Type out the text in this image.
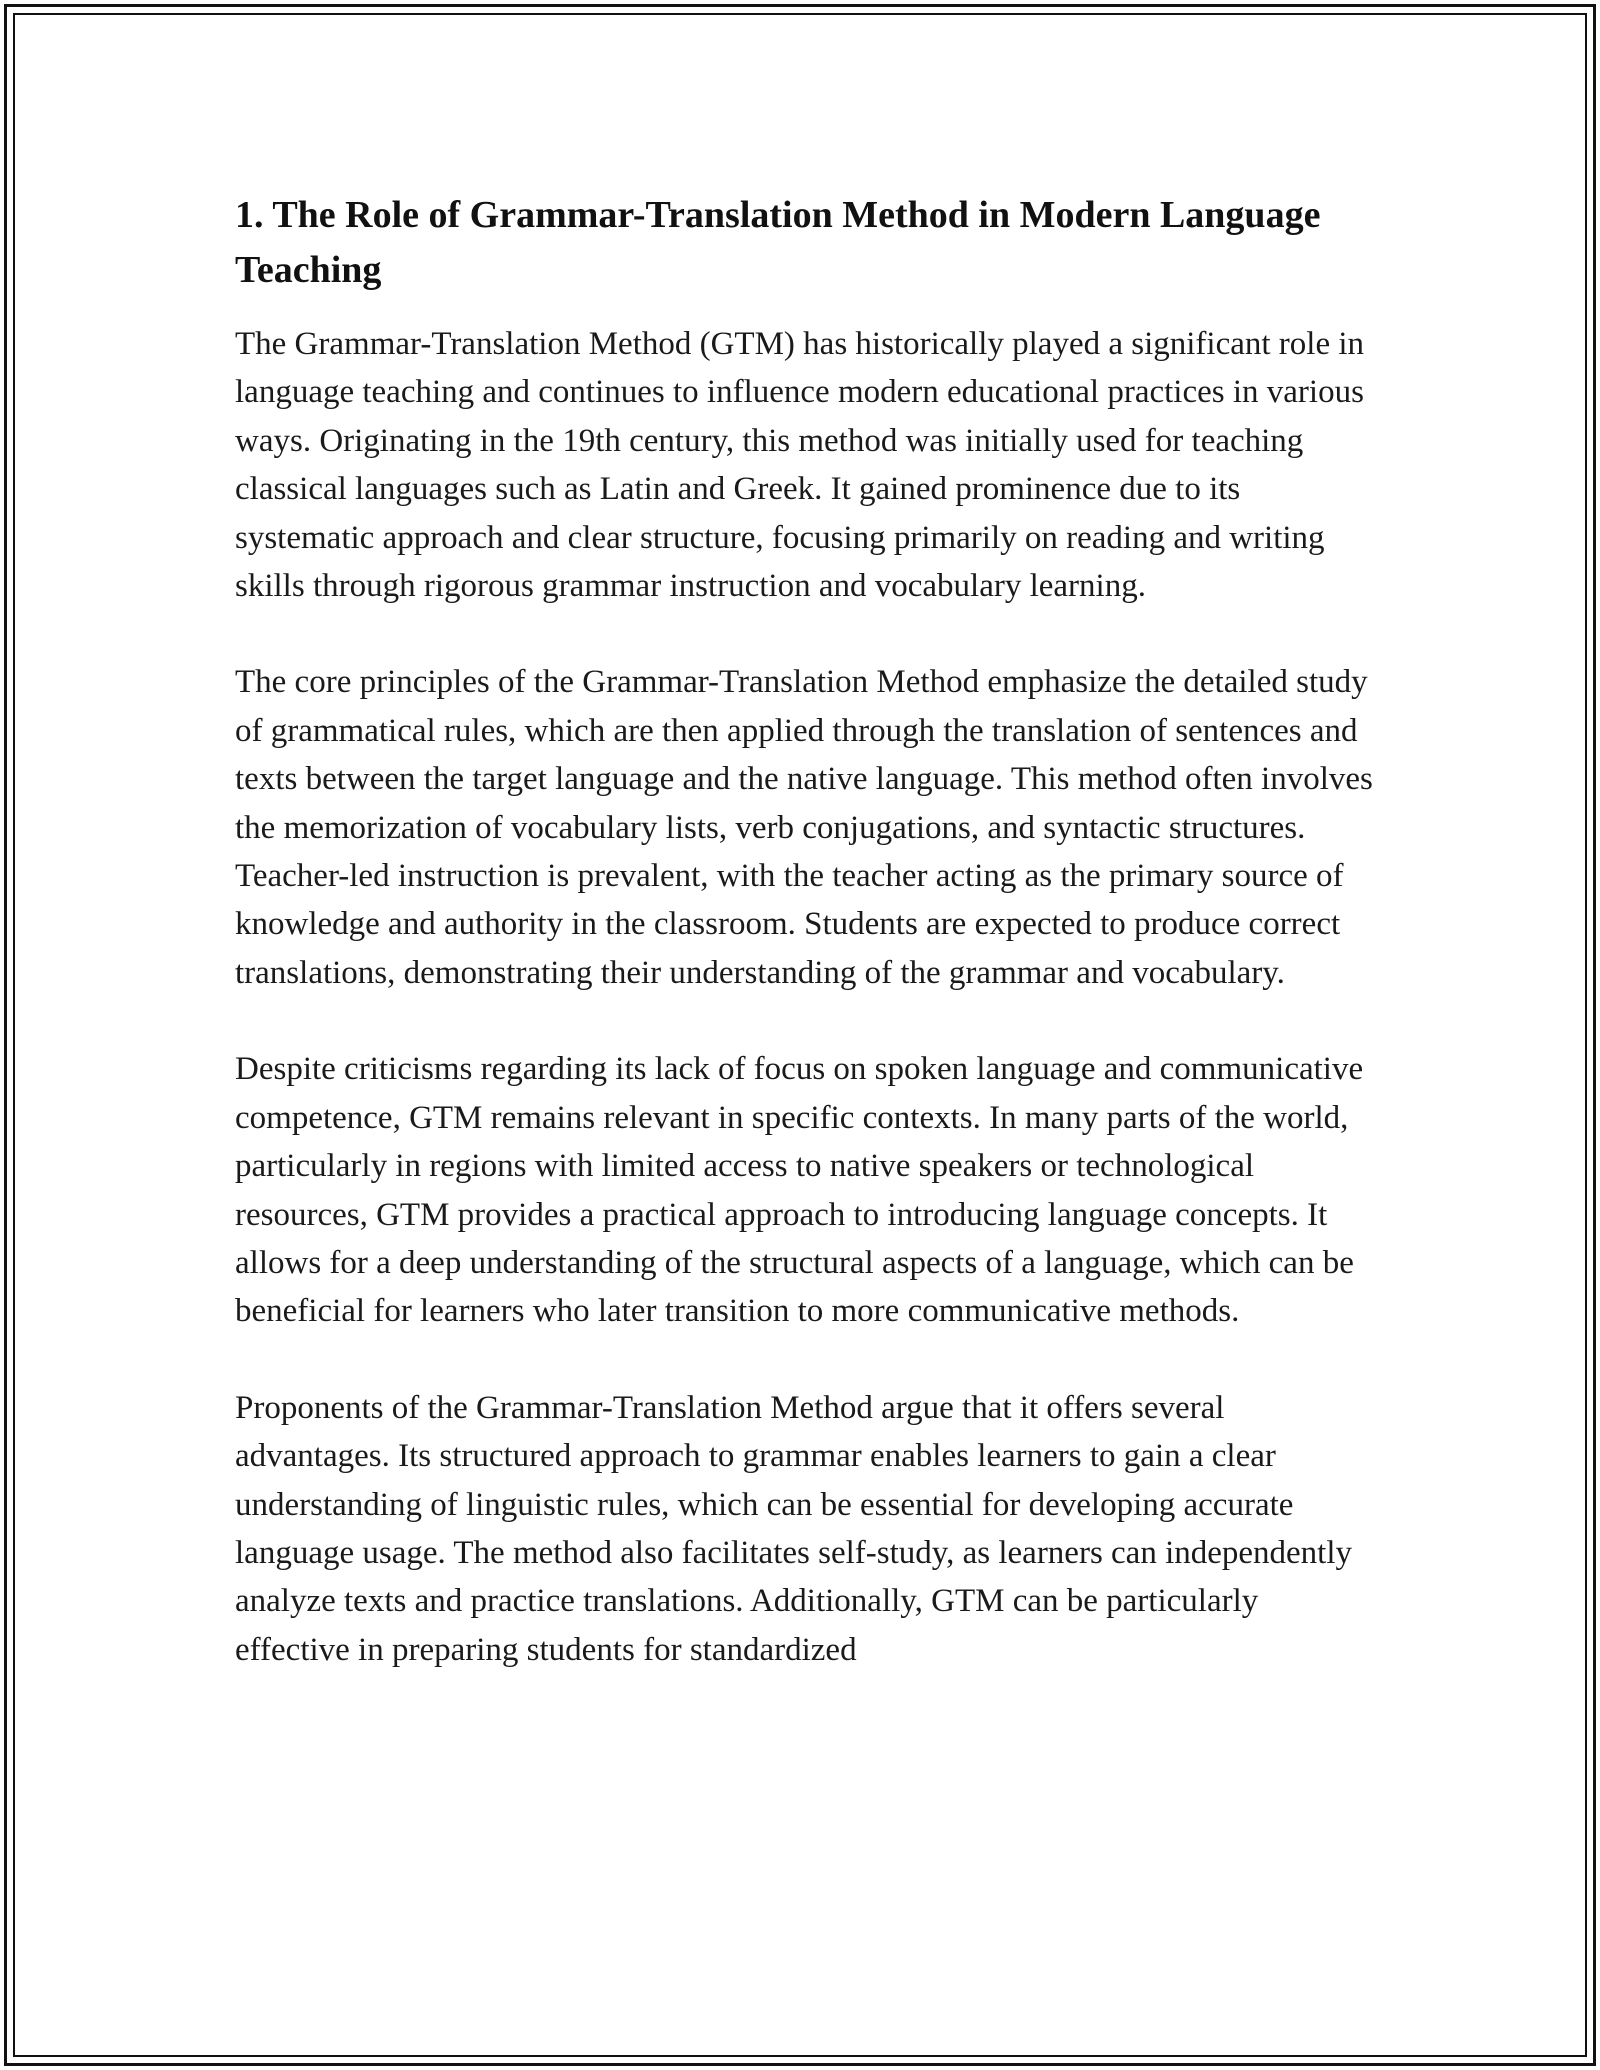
1. The Role of Grammar-Translation Method in Modern Language Teaching

The Grammar-Translation Method (GTM) has historically played a significant role in language teaching and continues to influence modern educational practices in various ways. Originating in the 19th century, this method was initially used for teaching classical languages such as Latin and Greek. It gained prominence due to its systematic approach and clear structure, focusing primarily on reading and writing skills through rigorous grammar instruction and vocabulary learning.

The core principles of the Grammar-Translation Method emphasize the detailed study of grammatical rules, which are then applied through the translation of sentences and texts between the target language and the native language. This method often involves the memorization of vocabulary lists, verb conjugations, and syntactic structures. Teacher-led instruction is prevalent, with the teacher acting as the primary source of knowledge and authority in the classroom. Students are expected to produce correct translations, demonstrating their understanding of the grammar and vocabulary.

Despite criticisms regarding its lack of focus on spoken language and communicative competence, GTM remains relevant in specific contexts. In many parts of the world, particularly in regions with limited access to native speakers or technological resources, GTM provides a practical approach to introducing language concepts. It allows for a deep understanding of the structural aspects of a language, which can be beneficial for learners who later transition to more communicative methods.

Proponents of the Grammar-Translation Method argue that it offers several advantages. Its structured approach to grammar enables learners to gain a clear understanding of linguistic rules, which can be essential for developing accurate language usage. The method also facilitates self-study, as learners can independently analyze texts and practice translations. Additionally, GTM can be particularly effective in preparing students for standardized
